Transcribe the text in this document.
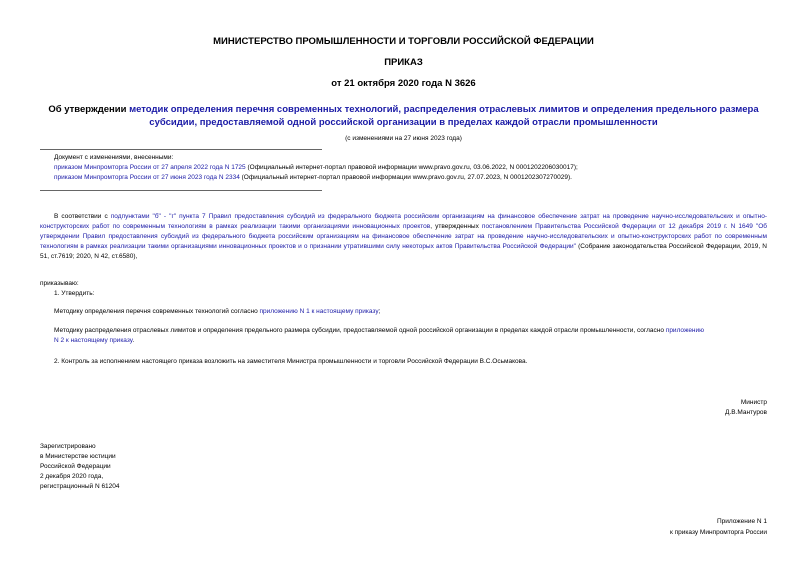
МИНИСТЕРСТВО ПРОМЫШЛЕННОСТИ И ТОРГОВЛИ РОССИЙСКОЙ ФЕДЕРАЦИИ
ПРИКАЗ
от 21 октября 2020 года N 3626
Об утверждении методик определения перечня современных технологий, распределения отраслевых лимитов и определения предельного размера субсидии, предоставляемой одной российской организации в пределах каждой отрасли промышленности
(с изменениями на 27 июня 2023 года)
Документ с изменениями, внесенными:
приказом Минпромторга России от 27 апреля 2022 года N 1725 (Официальный интернет-портал правовой информации www.pravo.gov.ru, 03.06.2022, N 0001202206030017);
приказом Минпромторга России от 27 июня 2023 года N 2334 (Официальный интернет-портал правовой информации www.pravo.gov.ru, 27.07.2023, N 0001202307270029).
В соответствии с подпунктами "б" - "г" пункта 7 Правил предоставления субсидий из федерального бюджета российским организациям на финансовое обеспечение затрат на проведение научно-исследовательских и опытно-конструкторских работ по современным технологиям в рамках реализации такими организациями инновационных проектов, утвержденных постановлением Правительства Российской Федерации от 12 декабря 2019 г. N 1649 "Об утверждении Правил предоставления субсидий из федерального бюджета российским организациям на финансовое обеспечение затрат на проведение научно-исследовательских и опытно-конструкторских работ по современным технологиям в рамках реализации такими организациями инновационных проектов и о признании утратившими силу некоторых актов Правительства Российской Федерации" (Собрание законодательства Российской Федерации, 2019, N 51, ст.7619; 2020, N 42, ст.6580),
приказываю:
1. Утвердить:
Методику определения перечня современных технологий согласно приложению N 1 к настоящему приказу;
Методику распределения отраслевых лимитов и определения предельного размера субсидии, предоставляемой одной российской организации в пределах каждой отрасли промышленности, согласно приложению
N 2 к настоящему приказу.
2. Контроль за исполнением настоящего приказа возложить на заместителя Министра промышленности и торговли Российской Федерации В.С.Осьмакова.
Министр
Д.В.Мантуров
Зарегистрировано
в Министерстве юстиции
Российской Федерации
2 декабря 2020 года,
регистрационный N 61204
Приложение N 1
к приказу Минпромторга России
